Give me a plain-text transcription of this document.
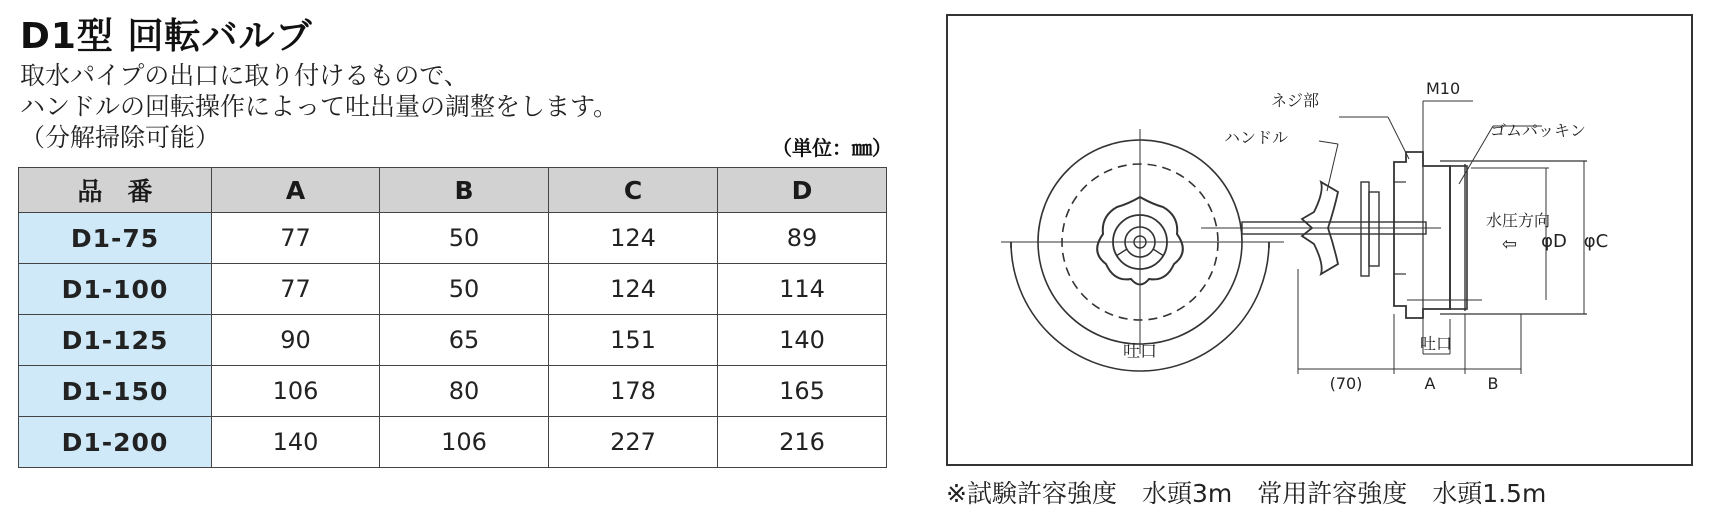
D1型 回転バルブ
取水パイプの出口に取り付けるもので、
ハンドルの回転操作によって吐出量の調整をします。
（分解掃除可能）	（単位：㎜）
品　番	A	B	C	D
D1-75	77	50	124	89
D1-100	77	50	124	114
D1-125	90	65	151	140
D1-150	106	80	178	165
D1-200	140	106	227	216
吐口
ネジ部
M10
ハンドル	ゴムパッキン
水圧方向
⇦ φD φC
吐口
(70)	A	B
※試験許容強度　水頭3m　常用許容強度　水頭1.5m
